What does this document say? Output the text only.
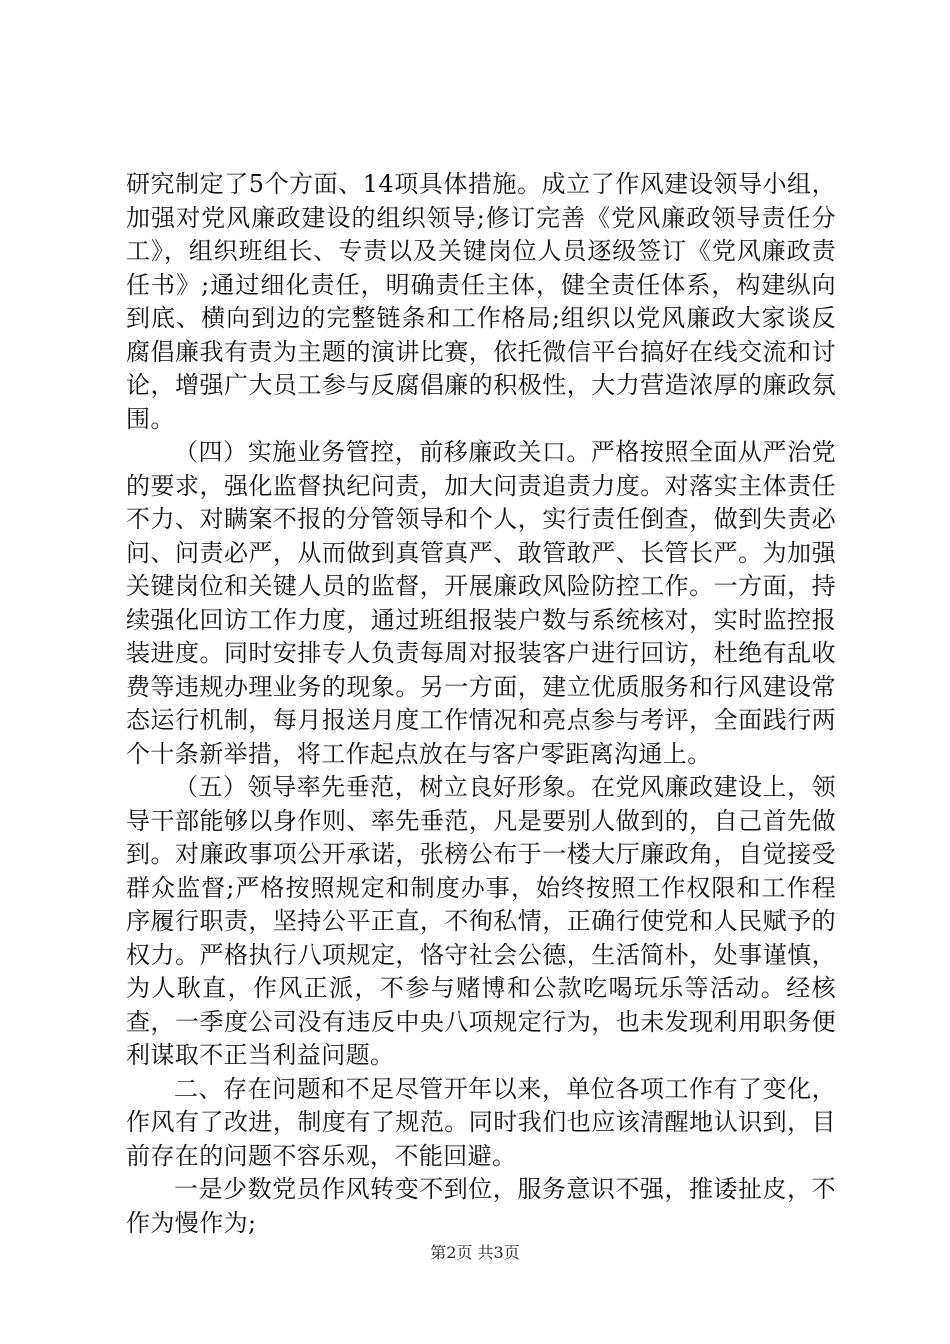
研究制定了5个方面、14项具体措施。成立了作风建设领导小组，加强对党风廉政建设的组织领导;修订完善《党风廉政领导责任分工》，组织班组长、专责以及关键岗位人员逐级签订《党风廉政责任书》;通过细化责任，明确责任主体，健全责任体系，构建纵向到底、横向到边的完整链条和工作格局;组织以党风廉政大家谈反腐倡廉我有责为主题的演讲比赛，依托微信平台搞好在线交流和讨论，增强广大员工参与反腐倡廉的积极性，大力营造浓厚的廉政氛围。

（四）实施业务管控，前移廉政关口。严格按照全面从严治党的要求，强化监督执纪问责，加大问责追责力度。对落实主体责任不力、对瞒案不报的分管领导和个人，实行责任倒查，做到失责必问、问责必严，从而做到真管真严、敢管敢严、长管长严。为加强关键岗位和关键人员的监督，开展廉政风险防控工作。一方面，持续强化回访工作力度，通过班组报装户数与系统核对，实时监控报装进度。同时安排专人负责每周对报装客户进行回访，杜绝有乱收费等违规办理业务的现象。另一方面，建立优质服务和行风建设常态运行机制，每月报送月度工作情况和亮点参与考评，全面践行两个十条新举措，将工作起点放在与客户零距离沟通上。

（五）领导率先垂范，树立良好形象。在党风廉政建设上，领导干部能够以身作则、率先垂范，凡是要别人做到的，自己首先做到。对廉政事项公开承诺，张榜公布于一楼大厅廉政角，自觉接受群众监督;严格按照规定和制度办事，始终按照工作权限和工作程序履行职责，坚持公平正直，不徇私情，正确行使党和人民赋予的权力。严格执行八项规定，恪守社会公德，生活简朴，处事谨慎，为人耿直，作风正派，不参与赌博和公款吃喝玩乐等活动。经核查，一季度公司没有违反中央八项规定行为，也未发现利用职务便利谋取不正当利益问题。

二、存在问题和不足尽管开年以来，单位各项工作有了变化，作风有了改进，制度有了规范。同时我们也应该清醒地认识到，目前存在的问题不容乐观，不能回避。

一是少数党员作风转变不到位，服务意识不强，推诿扯皮，不作为慢作为;

第2页 共3页
